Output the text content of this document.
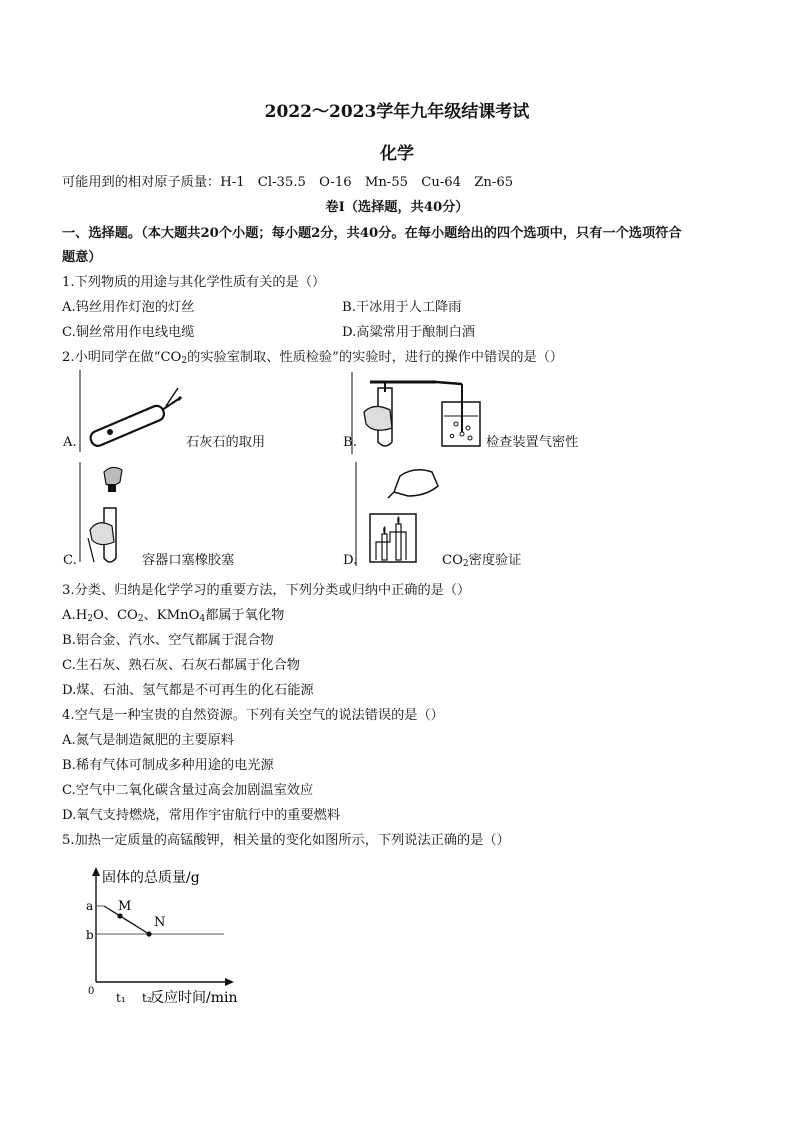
2022～2023学年九年级结课考试
化学
可能用到的相对原子质量：H-1　Cl-35.5　O-16　Mn-55　Cu-64　Zn-65
卷I（选择题，共40分）
一、选择题。（本大题共20个小题；每小题2分，共40分。在每小题给出的四个选项中，只有一个选项符合
题意）
1.下列物质的用途与其化学性质有关的是（）
A.钨丝用作灯泡的灯丝	B.干冰用于人工降雨
C.铜丝常用作电线电缆	D.高粱常用于酿制白酒
2.小明同学在做“$CO_2$的实验室制取、性质检验”的实验时，进行的操作中错误的是（）
A.	石灰石的取用	B.	检查装置气密性
C.	容器口塞橡胶塞	D.	$CO_2$密度验证
3.分类、归纳是化学学习的重要方法，下列分类或归纳中正确的是（）
$A.H_2O$、$CO_2$、KMnO$_4$都属于氧化物
B.铝合金、汽水、空气都属于混合物
C.生石灰、熟石灰、石灰石都属于化合物
D.煤、石油、氢气都是不可再生的化石能源
4.空气是一种宝贵的自然资源。下列有关空气的说法错误的是（）
A.氮气是制造氮肥的主要原料
B.稀有气体可制成多种用途的电光源
C.空气中二氧化碳含量过高会加剧温室效应
D.氧气支持燃烧，常用作宇宙航行中的重要燃料
5.加热一定质量的高锰酸钾，相关量的变化如图所示，下列说法正确的是（）
固体的总质量/g
反应时间/min
0
a
b
t₁ t₂
M
N
